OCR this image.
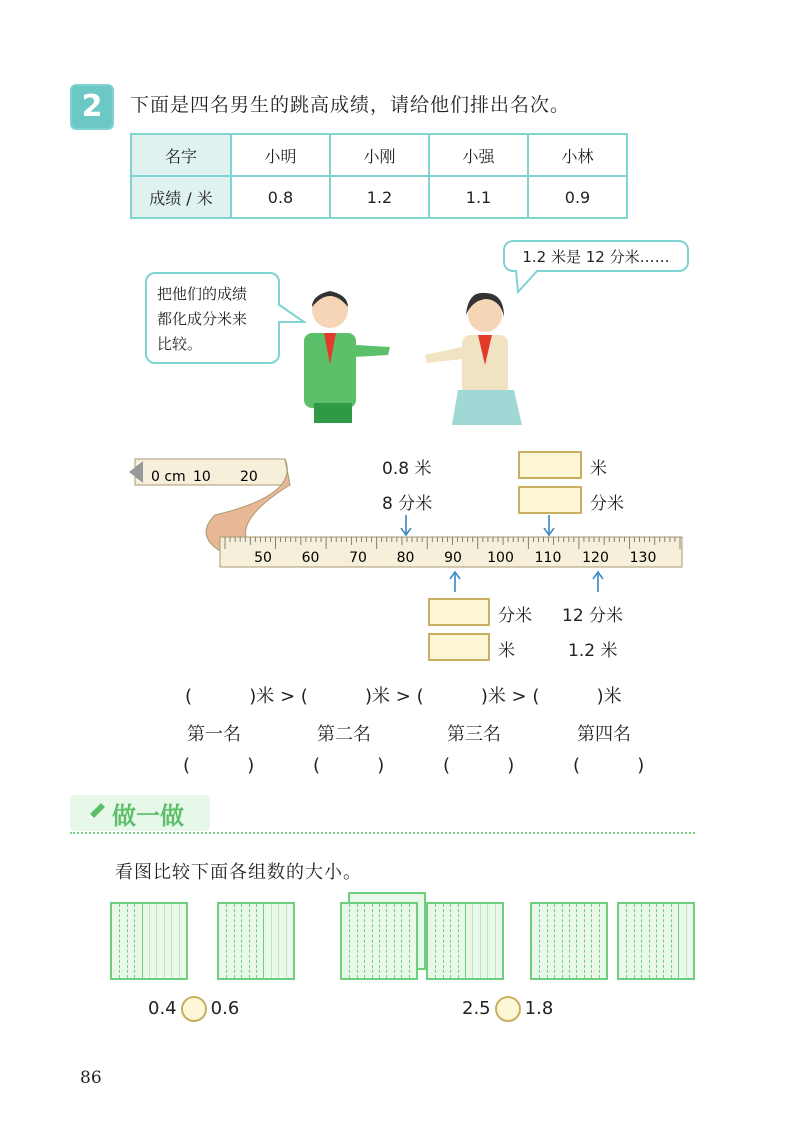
2	下面是四名男生的跳高成绩，请给他们排出名次。
名字	小明	小刚	小强	小林
成绩 / 米	0.8	1.2	1.1	0.9
把他们的成绩
都化成分米来
比较。
1.2 米是 12 分米……
50 60 70 80 90 100 110 120 130
0 cm 10 20	0.8 米
8 分米
米
分米
分米 12 分米
米	1.2 米
(          )米 > (          )米 > (          )米 > (          )米
第一名	第二名	第三名	第四名
(          )	(          )	(          )	(          )
做一做
看图比较下面各组数的大小。
0.4 0.6	2.5 1.8
86
